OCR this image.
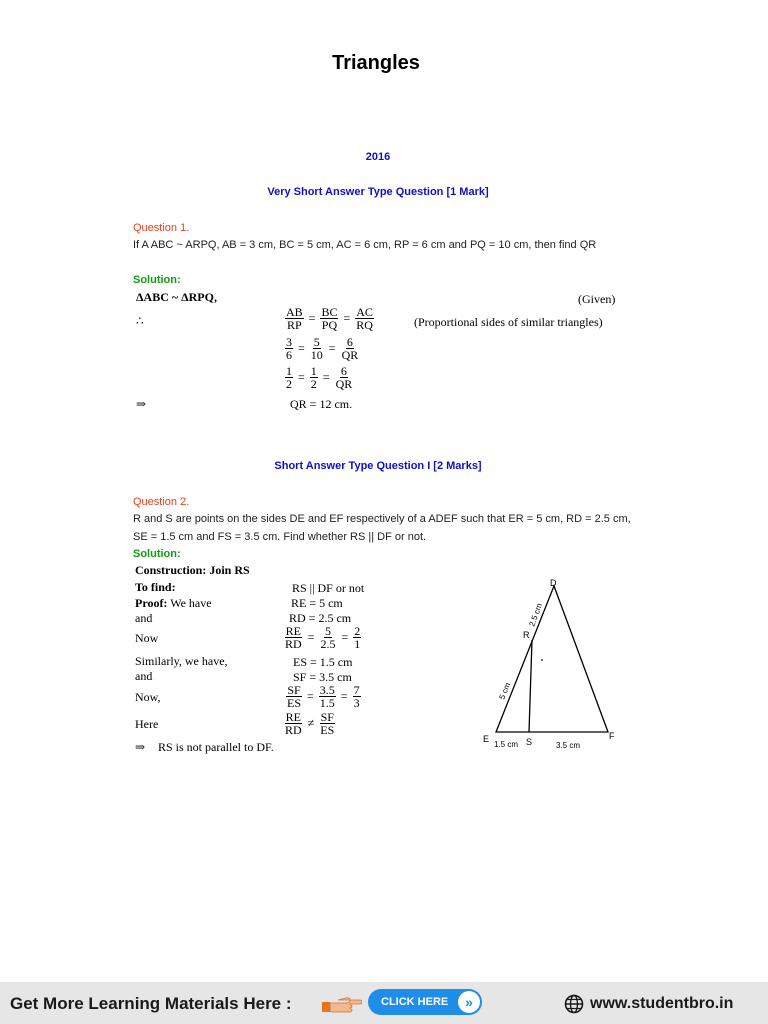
Triangles
2016
Very Short Answer Type Question [1 Mark]
Question 1.
If A ABC ~ ARPQ, AB = 3 cm, BC = 5 cm, AC = 6 cm, RP = 6 cm and PQ = 10 cm, then find QR
Solution:
ΔABC ~ ΔRPQ,	(Given)
∴	$\frac{AB}{RP} = \frac{BC}{PQ} = \frac{AC}{RQ}$	(Proportional sides of similar triangles)
$\frac{3}{6} = \frac{5}{10} = \frac{6}{QR}$
$\frac{1}{2} = \frac{1}{2} = \frac{6}{QR}$
⇒	QR = 12 cm.
Short Answer Type Question I [2 Marks]
Question 2.
R and S are points on the sides DE and EF respectively of a ADEF such that ER = 5 cm, RD = 2.5 cm, SE = 1.5 cm and FS = 3.5 cm. Find whether RS || DF or not.
Solution:
Construction: Join RS
To find:	RS || DF or not
Proof: We have	RE = 5 cm
and	RD = 2.5 cm
Now	$\frac{RE}{RD} = \frac{5}{2.5} = \frac{2}{1}$
Similarly, we have,	ES = 1.5 cm
and	SF = 3.5 cm
Now,	$\frac{SF}{ES} = \frac{3.5}{1.5} = \frac{7}{3}$
Here	$\frac{RE}{RD} \ne \frac{SF}{ES}$
⇒ RS is not parallel to DF.
D
R
E	S
F
2.5 cm
5 cm
1.5 cm	3.5 cm
Get More Learning Materials Here :	CLICK HERE	»	www.studentbro.in
